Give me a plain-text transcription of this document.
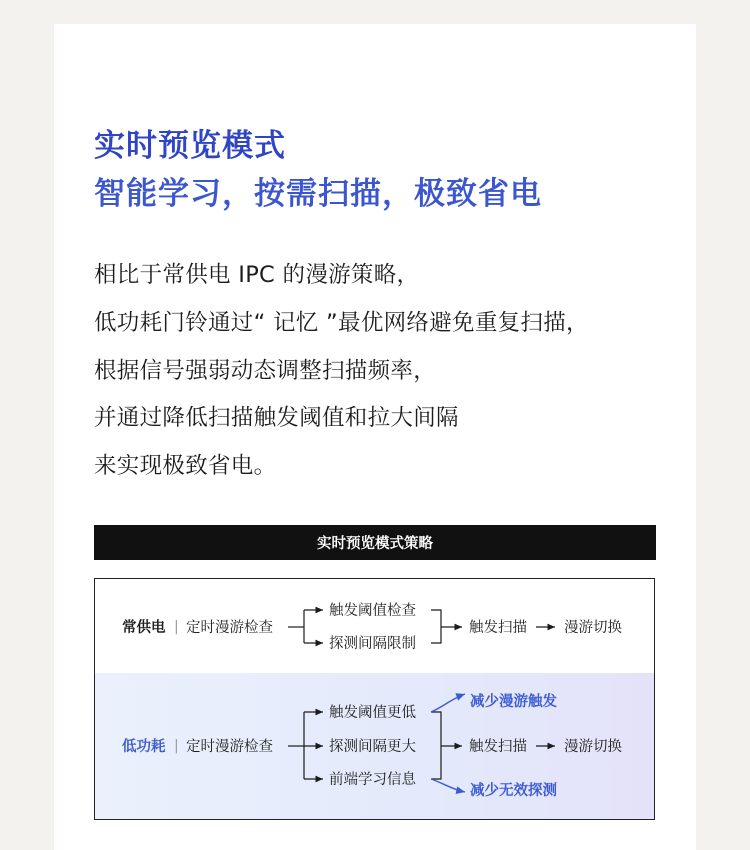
实时预览模式
智能学习，按需扫描，极致省电
相比于常供电 IPC 的漫游策略，
低功耗门铃通过“ 记忆 ”最优网络避免重复扫描，
根据信号强弱动态调整扫描频率，
并通过降低扫描触发阈值和拉大间隔
来实现极致省电。
实时预览模式策略
常供电 | 定时漫游检查
触发阈值检查
探测间隔限制
触发扫描	漫游切换
低功耗 | 定时漫游检查
触发阈值更低
探测间隔更大
前端学习信息
触发扫描	漫游切换
减少漫游触发
减少无效探测
